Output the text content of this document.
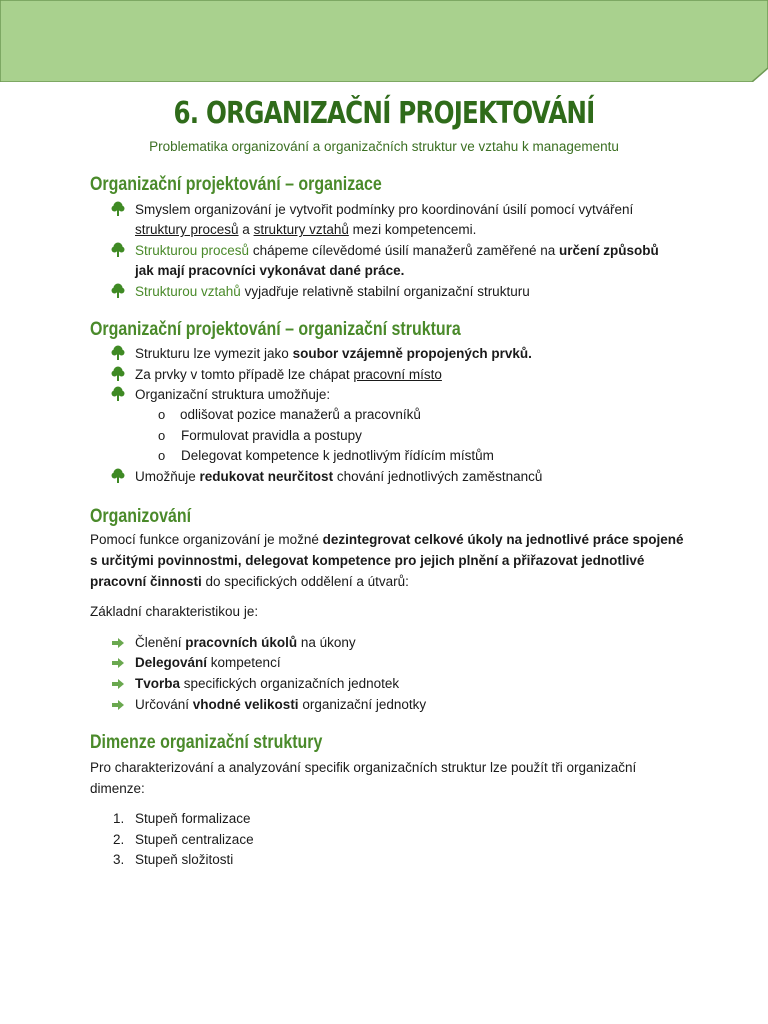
6. ORGANIZAČNÍ PROJEKTOVÁNÍ
Problematika organizování a organizačních struktur ve vztahu k managementu
Organizační projektování – organizace
Smyslem organizování je vytvořit podmínky pro koordinování úsilí pomocí vytváření
struktury procesů a struktury vztahů mezi kompetencemi.
Strukturou procesů chápeme cílevědomé úsilí manažerů zaměřené na určení způsobů
jak mají pracovníci vykonávat dané práce.
Strukturou vztahů vyjadřuje relativně stabilní organizační strukturu
Organizační projektování – organizační struktura
Strukturu lze vymezit jako soubor vzájemně propojených prvků.
Za prvky v tomto případě lze chápat pracovní místo
Organizační struktura umožňuje:
o odlišovat pozice manažerů a pracovníků
o Formulovat pravidla a postupy
o Delegovat kompetence k jednotlivým řídícím místům
Umožňuje redukovat neurčitost chování jednotlivých zaměstnanců
Organizování
Pomocí funkce organizování je možné dezintegrovat celkové úkoly na jednotlivé práce spojené
s určitými povinnostmi, delegovat kompetence pro jejich plnění a přiřazovat jednotlivé
pracovní činnosti do specifických oddělení a útvarů:
Základní charakteristikou je:
Členění pracovních úkolů na úkony
Delegování kompetencí
Tvorba specifických organizačních jednotek
Určování vhodné velikosti organizační jednotky
Dimenze organizační struktury
Pro charakterizování a analyzování specifik organizačních struktur lze použít tři organizační
dimenze:
1. Stupeň formalizace
2. Stupeň centralizace
3. Stupeň složitosti
